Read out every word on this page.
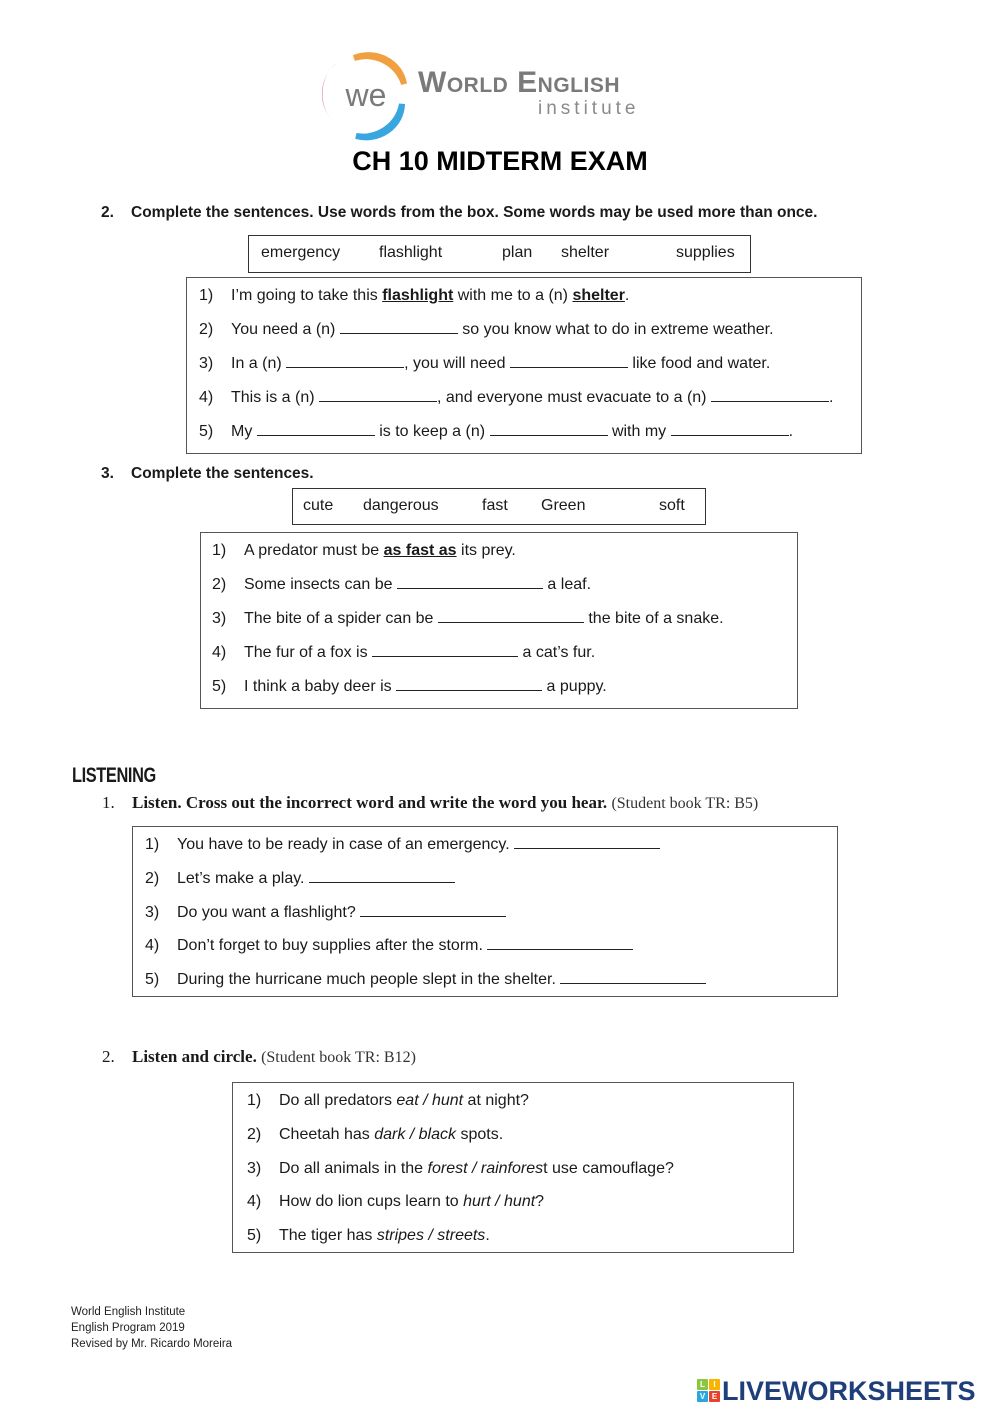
we World English
institute
CH 10 MIDTERM EXAM
2. Complete the sentences. Use words from the box. Some words may be used more than once.
emergency flashlight	plan shelter	supplies
1) I’m going to take this flashlight with me to a (n) shelter.
2) You need a (n)	so you know what to do in extreme weather.
3) In a (n)	, you will need	like food and water.
4) This is a (n)	, and everyone must evacuate to a (n)	.
5) My	is to keep a (n)	with my	.
3. Complete the sentences.
cute dangerous	fast Green	soft
1) A predator must be as fast as its prey.
2) Some insects can be	a leaf.
3) The bite of a spider can be	the bite of a snake.
4) The fur of a fox is	a cat’s fur.
5) I think a baby deer is	a puppy.
LISTENING
1. Listen. Cross out the incorrect word and write the word you hear. (Student book TR: B5)
1) You have to be ready in case of an emergency.
2) Let’s make a play.
3) Do you want a flashlight?
4) Don’t forget to buy supplies after the storm.
5) During the hurricane much people slept in the shelter.
2. Listen and circle. (Student book TR: B12)
1) Do all predators eat / hunt at night?
2) Cheetah has dark / black spots.
3) Do all animals in the forest / rainforest use camouflage?
4) How do lion cups learn to hurt / hunt?
5) The tiger has stripes / streets.
World English Institute
English Program 2019
Revised by Mr. Ricardo Moreira
L	I
V E LIVEWORKSHEETS
